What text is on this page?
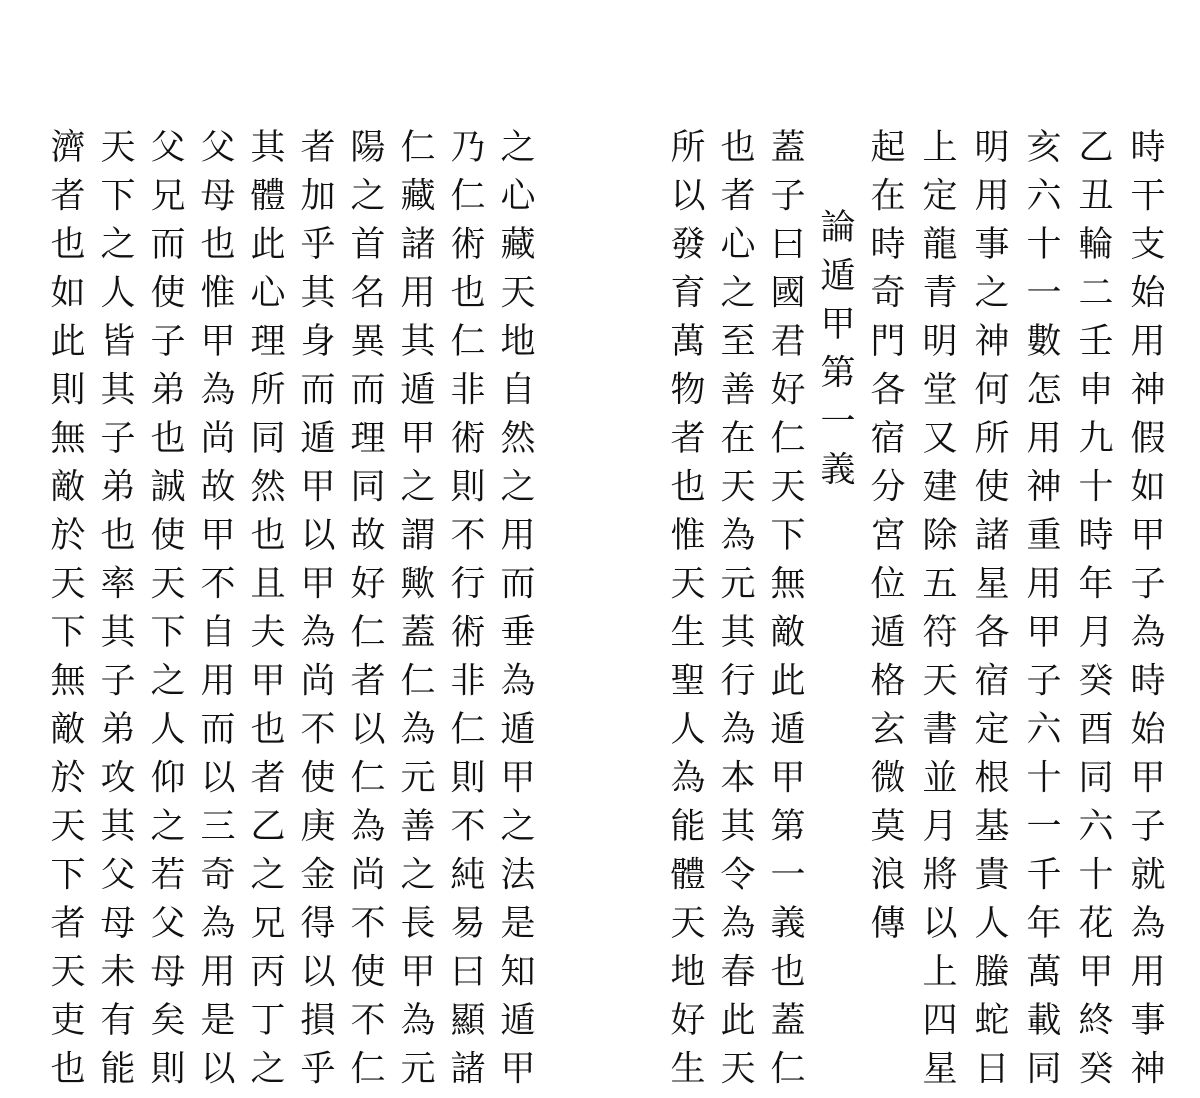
之心藏天地自然之用而垂為遁甲之法是知遁甲
乃仁術也仁非術則不行術非仁則不純易曰顯諸
仁藏諸用其遁甲之謂歟蓋仁為元善之長甲為元
陽之首名異而理同故好仁者以仁為尚不使不仁
者加乎其身而遁甲以甲為尚不使庚金得以損乎
其體此心理所同然也且夫甲也者乙之兄丙丁之
父母也惟甲為尚故甲不自用而以三奇為用是以
父兄而使子弟也誠使天下之人仰之若父母矣則
天下之人皆其子弟也率其子弟攻其父母未有能
濟者也如此則無敵於天下無敵於天下者天吏也	時干支始用神假如甲子為時始甲子就為用事神
乙丑輪二壬申九十時年月癸酉同六十花甲終癸
亥六十一數怎用神重用甲子六十一千年萬載同
明用事之神何所使諸星各宿定根基貴人螣蛇日
上定龍青明堂又建除五符天書並月將以上四星
起在時奇門各宿分宮位遁格玄微莫浪傳
論遁甲第一義
蓋子曰國君好仁天下無敵此遁甲第一義也蓋仁
也者心之至善在天為元其行為本其令為春此天
所以發育萬物者也惟天生聖人為能體天地好生
